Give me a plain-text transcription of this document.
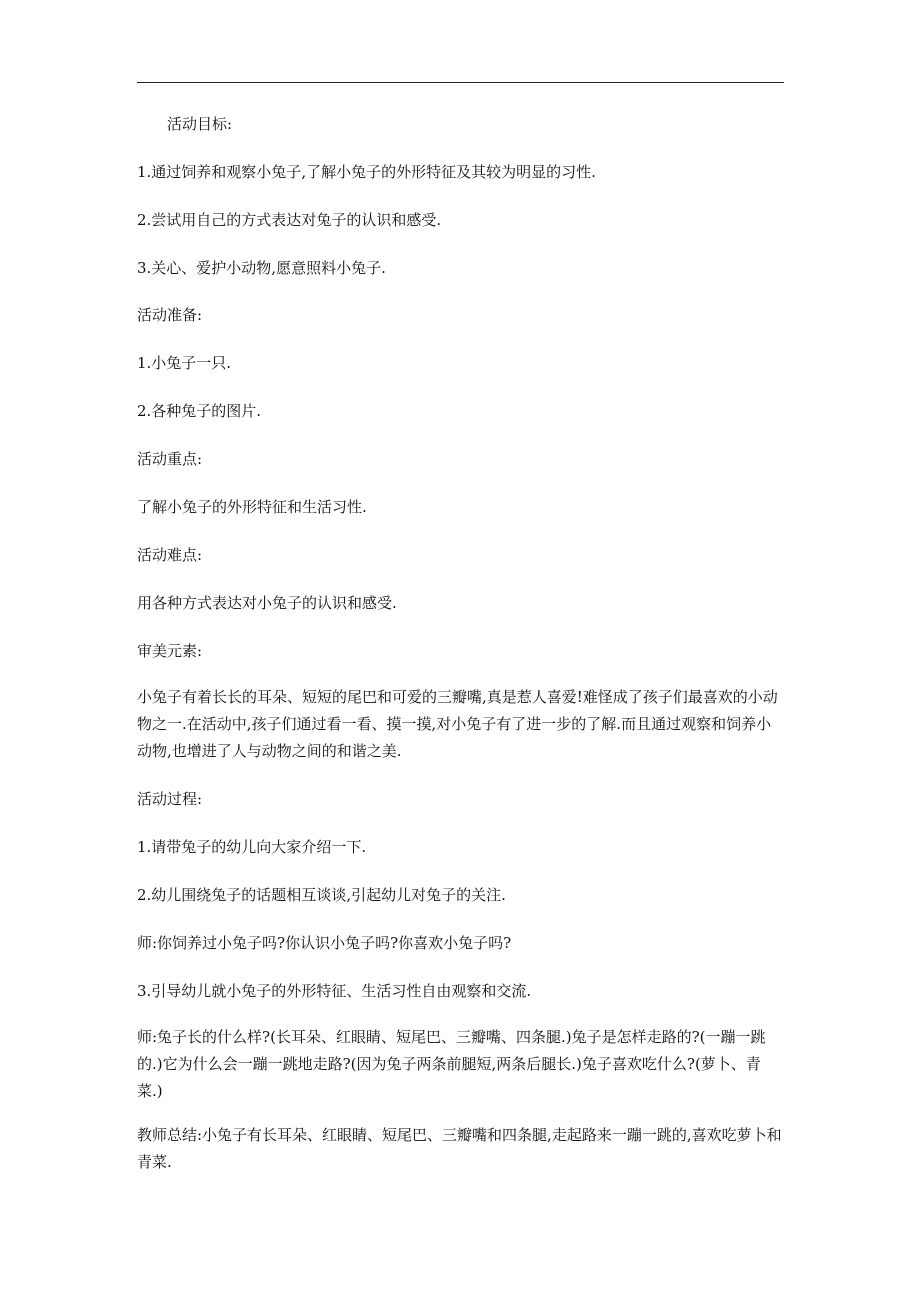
活动目标:

1.通过饲养和观察小兔子,了解小兔子的外形特征及其较为明显的习性.

2.尝试用自己的方式表达对兔子的认识和感受.

3.关心、爱护小动物,愿意照料小兔子.

活动准备:

1.小兔子一只.

2.各种兔子的图片.

活动重点:

了解小兔子的外形特征和生活习性.

活动难点:

用各种方式表达对小兔子的认识和感受.

审美元素:

小兔子有着长长的耳朵、短短的尾巴和可爱的三瓣嘴,真是惹人喜爱!难怪成了孩子们最喜欢的小动物之一.在活动中,孩子们通过看一看、摸一摸,对小兔子有了进一步的了解.而且通过观察和饲养小动物,也增进了人与动物之间的和谐之美.

活动过程:

1.请带兔子的幼儿向大家介绍一下.

2.幼儿围绕兔子的话题相互谈谈,引起幼儿对兔子的关注.

师:你饲养过小兔子吗?你认识小兔子吗?你喜欢小兔子吗?

3.引导幼儿就小兔子的外形特征、生活习性自由观察和交流.

师:兔子长的什么样?(长耳朵、红眼睛、短尾巴、三瓣嘴、四条腿.)兔子是怎样走路的?(一蹦一跳的.)它为什么会一蹦一跳地走路?(因为兔子两条前腿短,两条后腿长.)兔子喜欢吃什么?(萝卜、青菜.)

教师总结:小兔子有长耳朵、红眼睛、短尾巴、三瓣嘴和四条腿,走起路来一蹦一跳的,喜欢吃萝卜和青菜.
